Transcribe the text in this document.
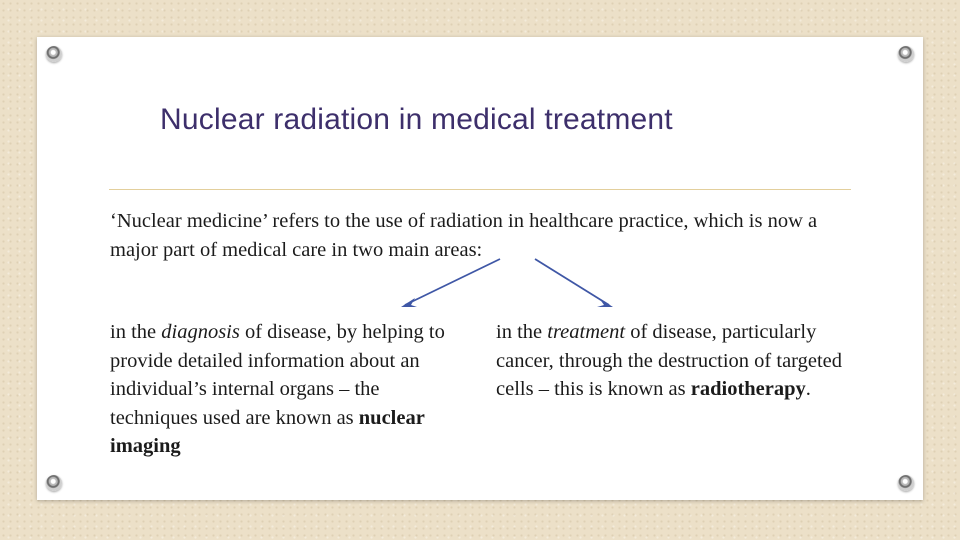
Nuclear radiation in medical treatment

‘Nuclear medicine’ refers to the use of radiation in healthcare practice, which is now a major part of medical care in two main areas:

in the diagnosis of disease, by helping to provide detailed information about an individual’s internal organs – the techniques used are known as nuclear imaging

in the treatment of disease, particularly cancer, through the destruction of targeted cells – this is known as radiotherapy.
